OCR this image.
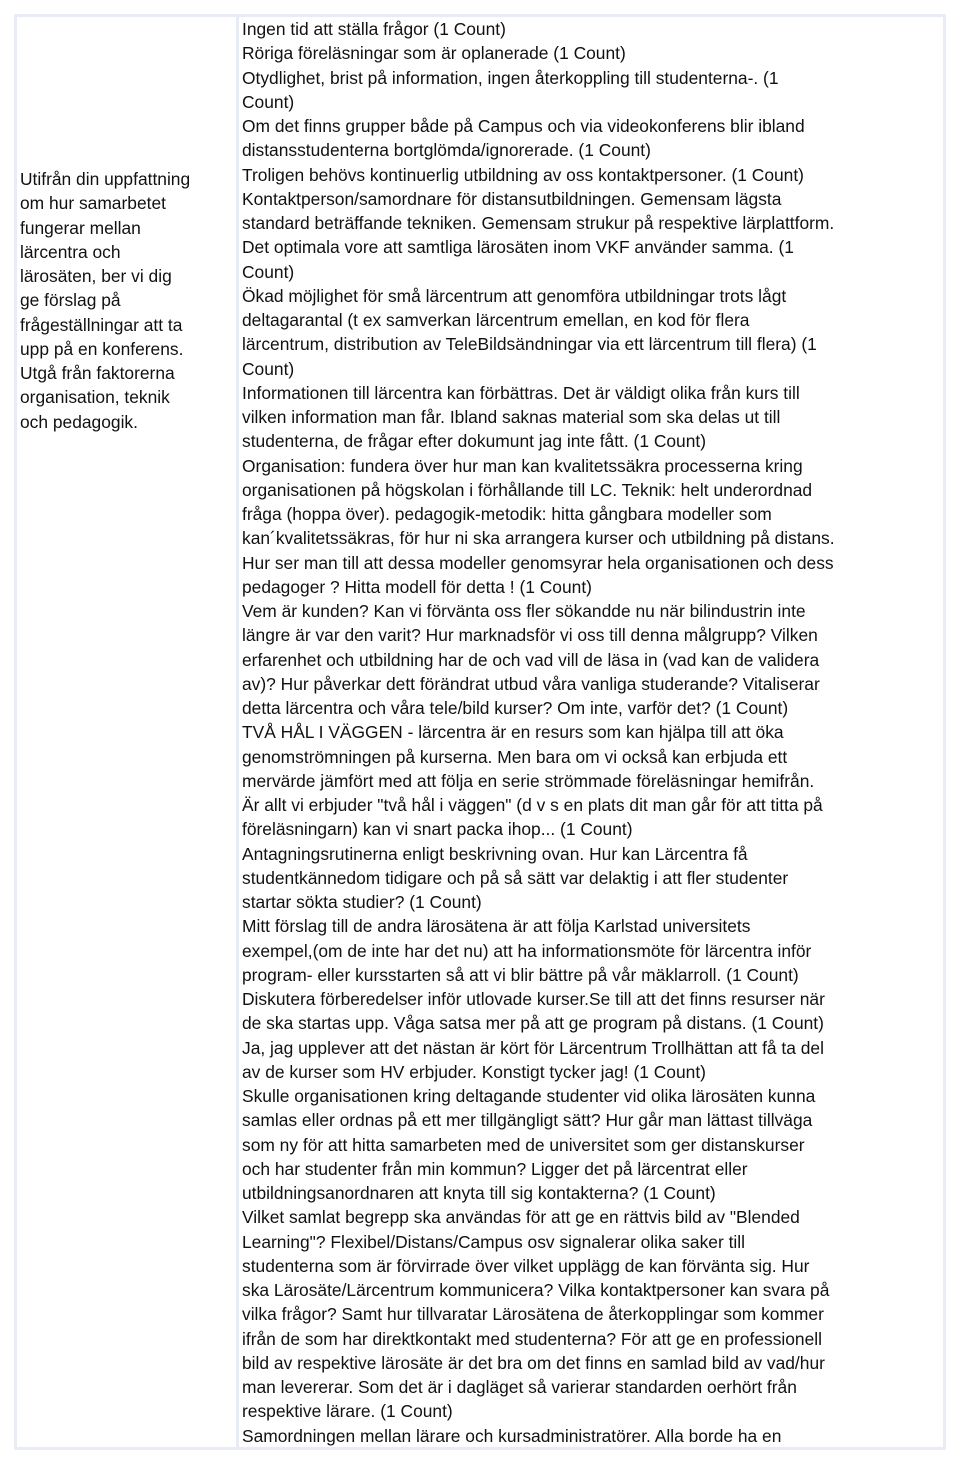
Utifrån din uppfattning
om hur samarbetet
fungerar mellan
lärcentra och
lärosäten, ber vi dig
ge förslag på
frågeställningar att ta
upp på en konferens.
Utgå från faktorerna
organisation, teknik
och pedagogik.
Ingen tid att ställa frågor (1 Count)
Röriga föreläsningar som är oplanerade (1 Count)
Otydlighet, brist på information, ingen återkoppling till studenterna-. (1
Count)
Om det finns grupper både på Campus och via videokonferens blir ibland
distansstudenterna bortglömda/ignorerade. (1 Count)
Troligen behövs kontinuerlig utbildning av oss kontaktpersoner. (1 Count)
Kontaktperson/samordnare för distansutbildningen. Gemensam lägsta
standard beträffande tekniken. Gemensam strukur på respektive lärplattform.
Det optimala vore att samtliga lärosäten inom VKF använder samma. (1
Count)
Ökad möjlighet för små lärcentrum att genomföra utbildningar trots lågt
deltagarantal (t ex samverkan lärcentrum emellan, en kod för flera
lärcentrum, distribution av TeleBildsändningar via ett lärcentrum till flera) (1
Count)
Informationen till lärcentra kan förbättras. Det är väldigt olika från kurs till
vilken information man får. Ibland saknas material som ska delas ut till
studenterna, de frågar efter dokumunt jag inte fått. (1 Count)
Organisation: fundera över hur man kan kvalitetssäkra processerna kring
organisationen på högskolan i förhållande till LC. Teknik: helt underordnad
fråga (hoppa över). pedagogik-metodik: hitta gångbara modeller som
kan´kvalitetssäkras, för hur ni ska arrangera kurser och utbildning på distans.
Hur ser man till att dessa modeller genomsyrar hela organisationen och dess
pedagoger ? Hitta modell för detta ! (1 Count)
Vem är kunden? Kan vi förvänta oss fler sökandde nu när bilindustrin inte
längre är var den varit? Hur marknadsför vi oss till denna målgrupp? Vilken
erfarenhet och utbildning har de och vad vill de läsa in (vad kan de validera
av)? Hur påverkar dett förändrat utbud våra vanliga studerande? Vitaliserar
detta lärcentra och våra tele/bild kurser? Om inte, varför det? (1 Count)
TVÅ HÅL I VÄGGEN - lärcentra är en resurs som kan hjälpa till att öka
genomströmningen på kurserna. Men bara om vi också kan erbjuda ett
mervärde jämfört med att följa en serie strömmade föreläsningar hemifrån.
Är allt vi erbjuder "två hål i väggen" (d v s en plats dit man går för att titta på
föreläsningarn) kan vi snart packa ihop... (1 Count)
Antagningsrutinerna enligt beskrivning ovan. Hur kan Lärcentra få
studentkännedom tidigare och på så sätt var delaktig i att fler studenter
startar sökta studier? (1 Count)
Mitt förslag till de andra lärosätena är att följa Karlstad universitets
exempel,(om de inte har det nu) att ha informationsmöte för lärcentra inför
program- eller kursstarten så att vi blir bättre på vår mäklarroll. (1 Count)
Diskutera förberedelser inför utlovade kurser.Se till att det finns resurser när
de ska startas upp. Våga satsa mer på att ge program på distans. (1 Count)
Ja, jag upplever att det nästan är kört för Lärcentrum Trollhättan att få ta del
av de kurser som HV erbjuder. Konstigt tycker jag! (1 Count)
Skulle organisationen kring deltagande studenter vid olika lärosäten kunna
samlas eller ordnas på ett mer tillgängligt sätt? Hur går man lättast tillväga
som ny för att hitta samarbeten med de universitet som ger distanskurser
och har studenter från min kommun? Ligger det på lärcentrat eller
utbildningsanordnaren att knyta till sig kontakterna? (1 Count)
Vilket samlat begrepp ska användas för att ge en rättvis bild av "Blended
Learning"? Flexibel/Distans/Campus osv signalerar olika saker till
studenterna som är förvirrade över vilket upplägg de kan förvänta sig. Hur
ska Lärosäte/Lärcentrum kommunicera? Vilka kontaktpersoner kan svara på
vilka frågor? Samt hur tillvaratar Lärosätena de återkopplingar som kommer
ifrån de som har direktkontakt med studenterna? För att ge en professionell
bild av respektive lärosäte är det bra om det finns en samlad bild av vad/hur
man levererar. Som det är i dagläget så varierar standarden oerhört från
respektive lärare. (1 Count)
Samordningen mellan lärare och kursadministratörer. Alla borde ha en
